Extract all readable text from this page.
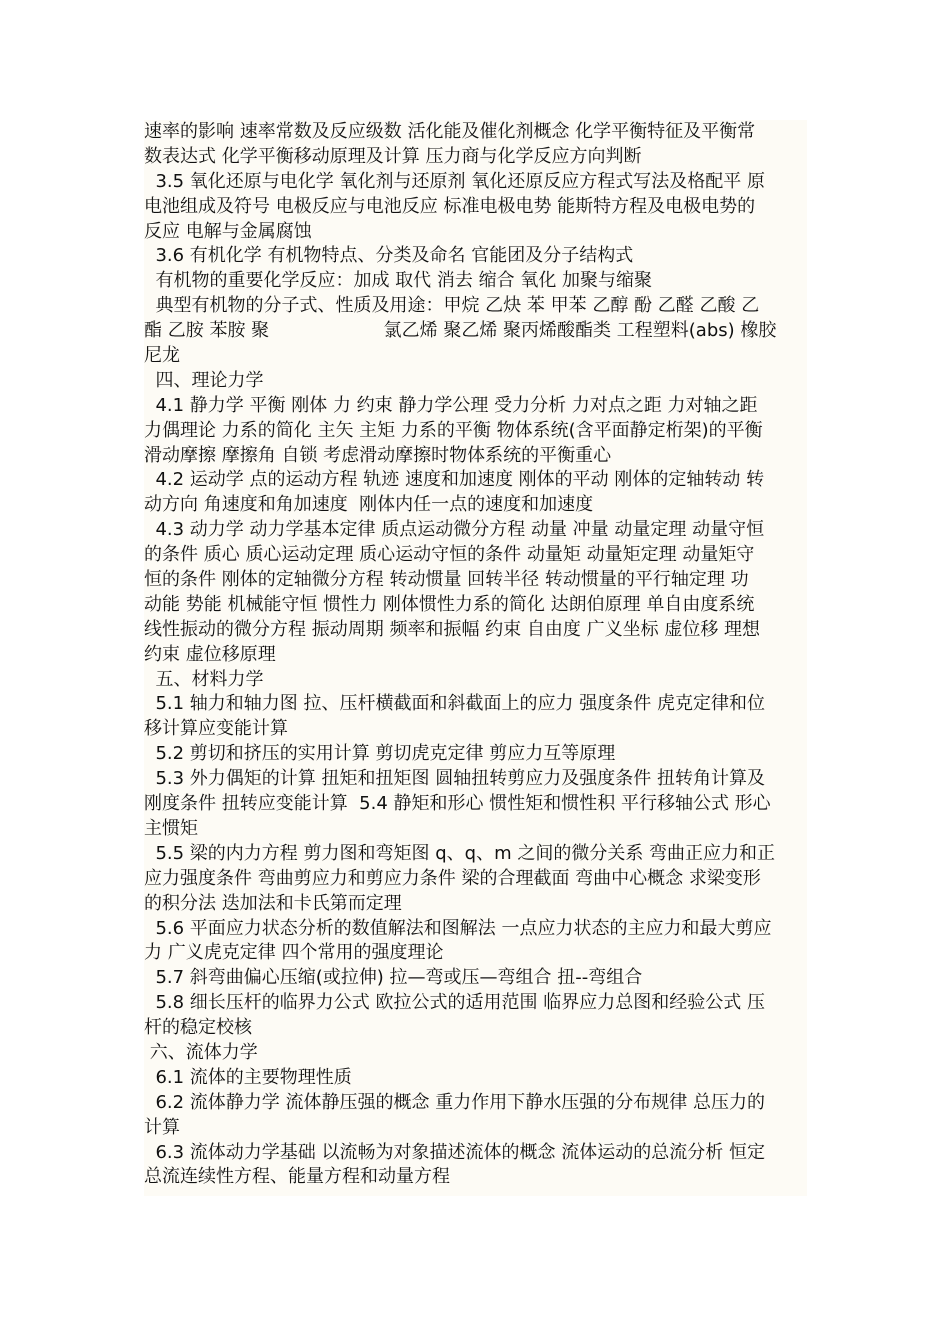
速率的影响 速率常数及反应级数 活化能及催化剂概念 化学平衡特征及平衡常
数表达式 化学平衡移动原理及计算 压力商与化学反应方向判断
3.5 氧化还原与电化学 氧化剂与还原剂 氧化还原反应方程式写法及格配平 原
电池组成及符号 电极反应与电池反应 标准电极电势 能斯特方程及电极电势的
反应 电解与金属腐蚀
3.6 有机化学 有机物特点、分类及命名 官能团及分子结构式
有机物的重要化学反应：加成 取代 消去 缩合 氧化 加聚与缩聚
典型有机物的分子式、性质及用途：甲烷 乙炔 苯 甲苯 乙醇 酚 乙醛 乙酸 乙
酯 乙胺 苯胺 聚                    氯乙烯 聚乙烯 聚丙烯酸酯类 工程塑料(abs) 橡胶
尼龙
四、理论力学
4.1 静力学 平衡 刚体 力 约束 静力学公理 受力分析 力对点之距 力对轴之距
力偶理论 力系的简化 主矢 主矩 力系的平衡 物体系统(含平面静定桁架)的平衡
滑动摩擦 摩擦角 自锁 考虑滑动摩擦时物体系统的平衡重心
4.2 运动学 点的运动方程 轨迹 速度和加速度 刚体的平动 刚体的定轴转动 转
动方向 角速度和角加速度  刚体内任一点的速度和加速度
4.3 动力学 动力学基本定律 质点运动微分方程 动量 冲量 动量定理 动量守恒
的条件 质心 质心运动定理 质心运动守恒的条件 动量矩 动量矩定理 动量矩守
恒的条件 刚体的定轴微分方程 转动惯量 回转半径 转动惯量的平行轴定理 功
动能 势能 机械能守恒 惯性力 刚体惯性力系的简化 达朗伯原理 单自由度系统
线性振动的微分方程 振动周期 频率和振幅 约束 自由度 广义坐标 虚位移 理想
约束 虚位移原理
五、材料力学
5.1 轴力和轴力图 拉、压杆横截面和斜截面上的应力 强度条件 虎克定律和位
移计算应变能计算
5.2 剪切和挤压的实用计算 剪切虎克定律 剪应力互等原理
5.3 外力偶矩的计算 扭矩和扭矩图 圆轴扭转剪应力及强度条件 扭转角计算及
刚度条件 扭转应变能计算  5.4 静矩和形心 惯性矩和惯性积 平行移轴公式 形心
主惯矩
5.5 梁的内力方程 剪力图和弯矩图 q、q、m 之间的微分关系 弯曲正应力和正
应力强度条件 弯曲剪应力和剪应力条件 梁的合理截面 弯曲中心概念 求梁变形
的积分法 迭加法和卡氏第而定理
5.6 平面应力状态分析的数值解法和图解法 一点应力状态的主应力和最大剪应
力 广义虎克定律 四个常用的强度理论
5.7 斜弯曲偏心压缩(或拉伸) 拉—弯或压—弯组合 扭--弯组合
5.8 细长压杆的临界力公式 欧拉公式的适用范围 临界应力总图和经验公式 压
杆的稳定校核
六、流体力学
6.1 流体的主要物理性质
6.2 流体静力学 流体静压强的概念 重力作用下静水压强的分布规律 总压力的
计算
6.3 流体动力学基础 以流畅为对象描述流体的概念 流体运动的总流分析 恒定
总流连续性方程、能量方程和动量方程
